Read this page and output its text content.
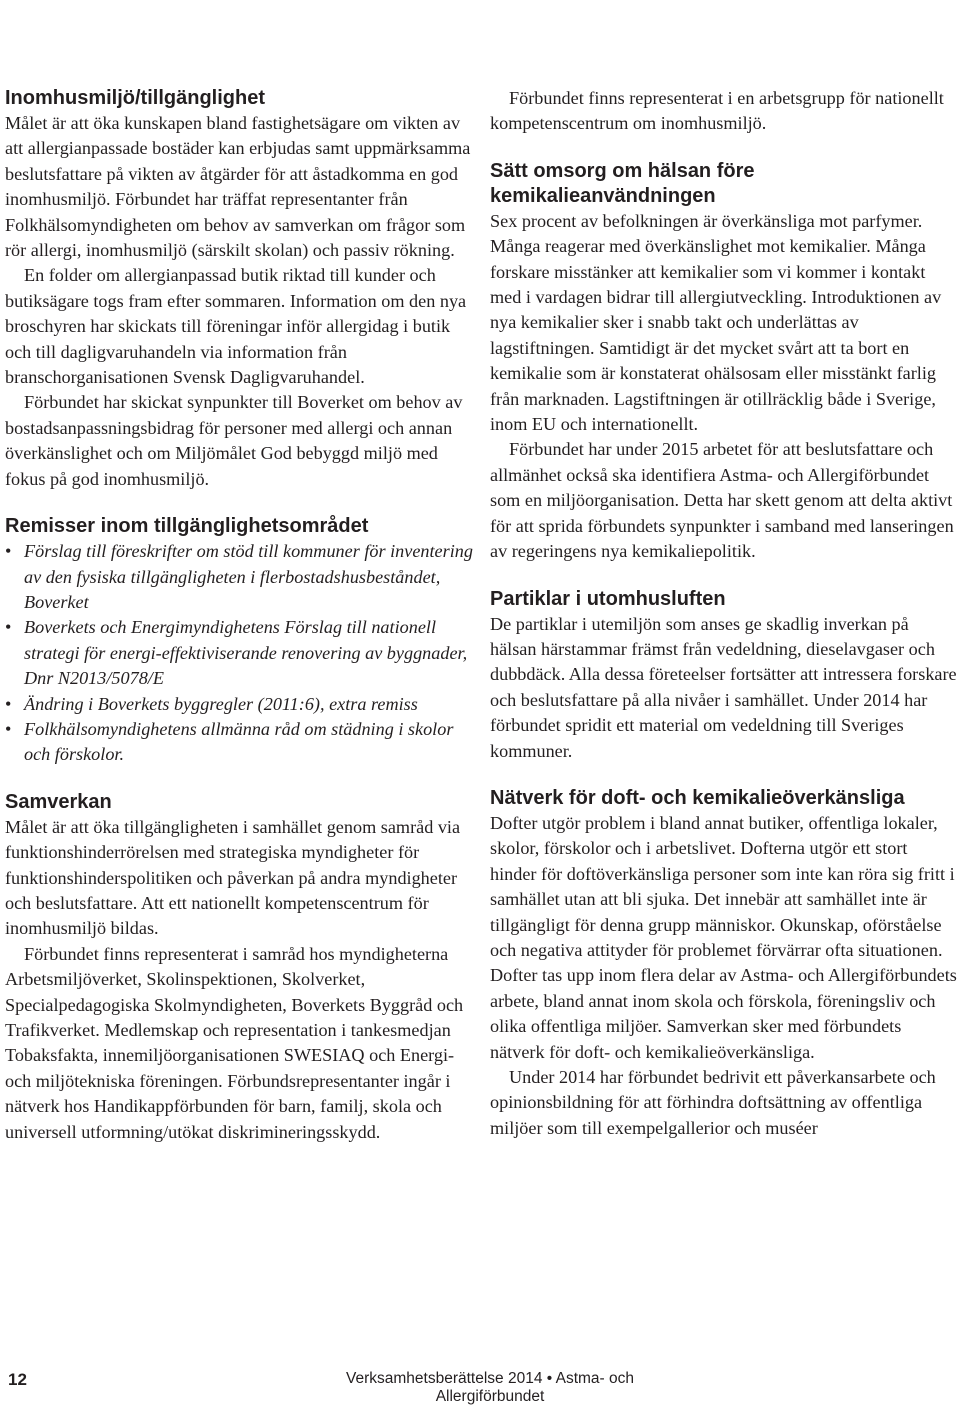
Inomhusmiljö/tillgänglighet

Målet är att öka kunskapen bland fastighetsägare om vikten av att allergianpassade bostäder kan erbjudas samt uppmärksamma beslutsfattare på vikten av åtgärder för att åstadkomma en god inomhusmiljö. Förbundet har träffat representanter från Folkhälsomyndigheten om behov av samverkan om frågor som rör allergi, inomhusmiljö (särskilt skolan) och passiv rökning.

En folder om allergianpassad butik riktad till kunder och butiksägare togs fram efter sommaren. Information om den nya broschyren har skickats till föreningar inför allergidag i butik och till dagligvaruhandeln via information från branschorganisationen Svensk Dagligvaruhandel.

Förbundet har skickat synpunkter till Boverket om behov av bostadsanpassningsbidrag för personer med allergi och annan överkänslighet och om Miljömålet God bebyggd miljö med fokus på god inomhusmiljö.

Remisser inom tillgänglighetsområdet
• Förslag till föreskrifter om stöd till kommuner för inventering av den fysiska tillgängligheten i flerbostadshusbeståndet, Boverket
• Boverkets och Energimyndighetens Förslag till nationell strategi för energi-effektiviserande renovering av byggnader, Dnr N2013/5078/E
• Ändring i Boverkets byggregler (2011:6), extra remiss
• Folkhälsomyndighetens allmänna råd om städning i skolor och förskolor.
Samverkan

Målet är att öka tillgängligheten i samhället genom samråd via funktionshinderrörelsen med strategiska myndigheter för funktionshinderspolitiken och påverkan på andra myndigheter och beslutsfattare. Att ett nationellt kompetenscentrum för inomhusmiljö bildas.

Förbundet finns representerat i samråd hos myndigheterna Arbetsmiljöverket, Skolinspektionen, Skolverket, Specialpedagogiska Skolmyndigheten, Boverkets Byggråd och Trafikverket. Medlemskap och representation i tankesmedjan Tobaksfakta, innemiljöorganisationen SWESIAQ och Energi- och miljötekniska föreningen. Förbundsrepresentanter ingår i nätverk hos Handikappförbunden för barn, familj, skola och universell utformning/utökat diskrimineringsskydd.

Förbundet finns representerat i en arbetsgrupp för nationellt kompetenscentrum om inomhusmiljö.

Sätt omsorg om hälsan före kemikalieanvändningen

Sex procent av befolkningen är överkänsliga mot parfymer. Många reagerar med överkänslighet mot kemikalier. Många forskare misstänker att kemikalier som vi kommer i kontakt med i vardagen bidrar till allergiutveckling. Introduktionen av nya kemikalier sker i snabb takt och underlättas av lagstiftningen. Samtidigt är det mycket svårt att ta bort en kemikalie som är konstaterat ohälsosam eller misstänkt farlig från marknaden. Lagstiftningen är otillräcklig både i Sverige, inom EU och internationellt.

Förbundet har under 2015 arbetet för att beslutsfattare och allmänhet också ska identifiera Astma- och Allergiförbundet som en miljöorganisation. Detta har skett genom att delta aktivt för att sprida förbundets synpunkter i samband med lanseringen av regeringens nya kemikaliepolitik.

Partiklar i utomhusluften

De partiklar i utemiljön som anses ge skadlig inverkan på hälsan härstammar främst från vedeldning, dieselavgaser och dubbdäck. Alla dessa företeelser fortsätter att intressera forskare och beslutsfattare på alla nivåer i samhället. Under 2014 har förbundet spridit ett material om vedeldning till Sveriges kommuner.

Nätverk för doft- och kemikalieöverkänsliga

Dofter utgör problem i bland annat butiker, offentliga lokaler, skolor, förskolor och i arbetslivet. Dofterna utgör ett stort hinder för doftöverkänsliga personer som inte kan röra sig fritt i samhället utan att bli sjuka. Det innebär att samhället inte är tillgängligt för denna grupp människor. Okunskap, oförståelse och negativa attityder för problemet förvärrar ofta situationen. Dofter tas upp inom flera delar av Astma- och Allergiförbundets arbete, bland annat inom skola och förskola, föreningsliv och olika offentliga miljöer. Samverkan sker med förbundets nätverk för doft- och kemikalieöverkänsliga.

Under 2014 har förbundet bedrivit ett påverkansarbete och opinionsbildning för att förhindra doftsättning av offentliga miljöer som till exempelgallerior och muséer

12	Verksamhetsberättelse 2014 • Astma- och Allergiförbundet
